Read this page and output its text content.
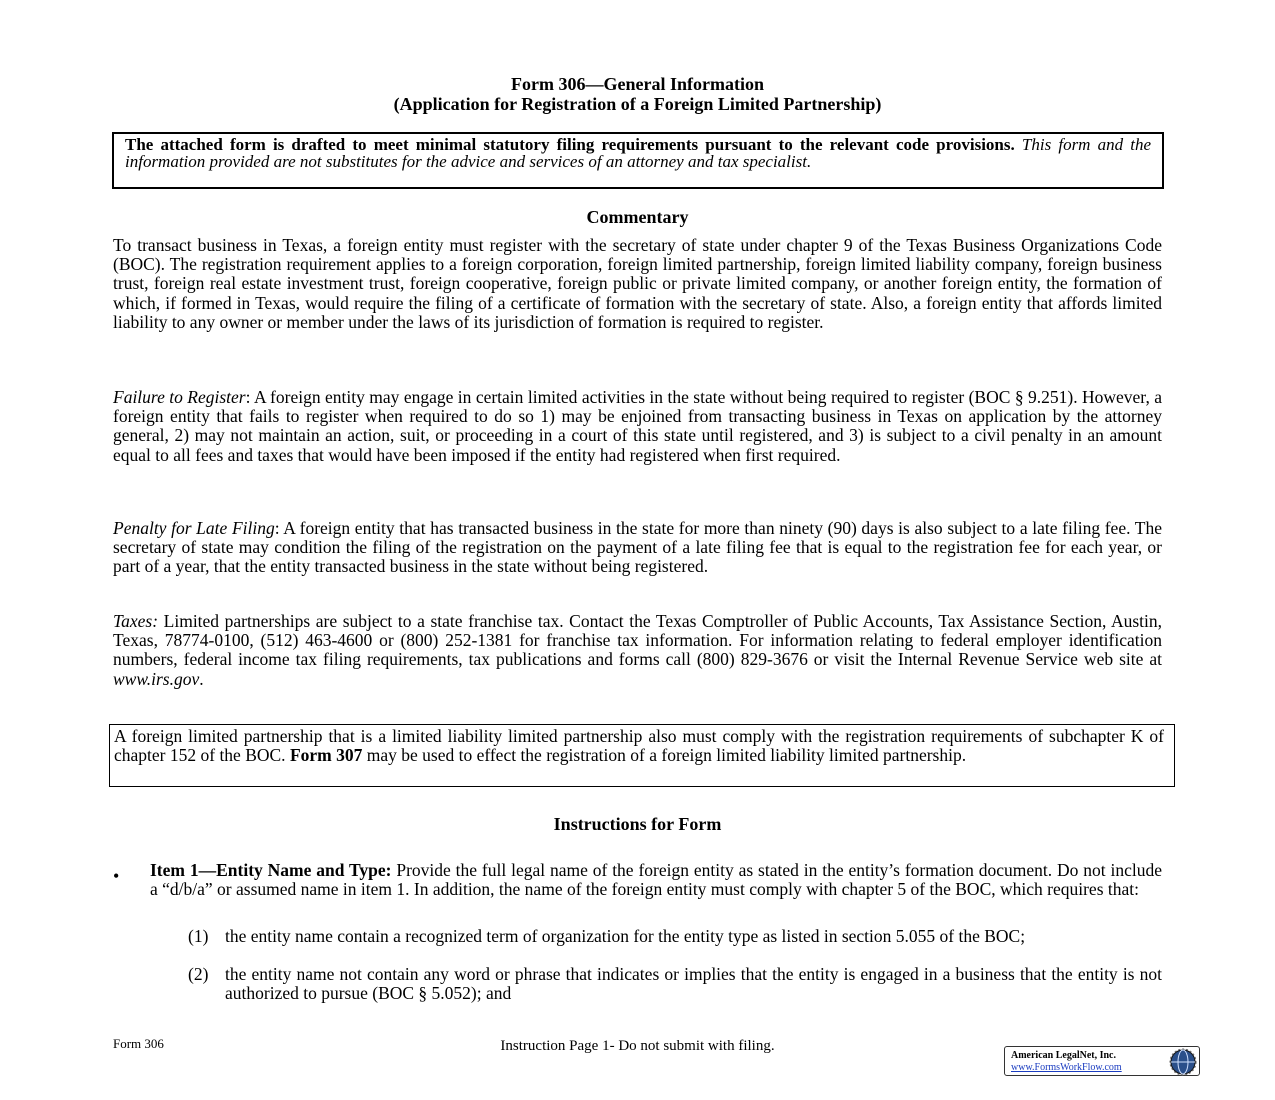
Form 306—General Information
(Application for Registration of a Foreign Limited Partnership)
The attached form is drafted to meet minimal statutory filing requirements pursuant to the relevant code provisions. This form and the information provided are not substitutes for the advice and services of an attorney and tax specialist.
Commentary
To transact business in Texas, a foreign entity must register with the secretary of state under chapter 9 of the Texas Business Organizations Code (BOC). The registration requirement applies to a foreign corporation, foreign limited partnership, foreign limited liability company, foreign business trust, foreign real estate investment trust, foreign cooperative, foreign public or private limited company, or another foreign entity, the formation of which, if formed in Texas, would require the filing of a certificate of formation with the secretary of state. Also, a foreign entity that affords limited liability to any owner or member under the laws of its jurisdiction of formation is required to register.
Failure to Register: A foreign entity may engage in certain limited activities in the state without being required to register (BOC § 9.251). However, a foreign entity that fails to register when required to do so 1) may be enjoined from transacting business in Texas on application by the attorney general, 2) may not maintain an action, suit, or proceeding in a court of this state until registered, and 3) is subject to a civil penalty in an amount equal to all fees and taxes that would have been imposed if the entity had registered when first required.
Penalty for Late Filing: A foreign entity that has transacted business in the state for more than ninety (90) days is also subject to a late filing fee. The secretary of state may condition the filing of the registration on the payment of a late filing fee that is equal to the registration fee for each year, or part of a year, that the entity transacted business in the state without being registered.
Taxes: Limited partnerships are subject to a state franchise tax. Contact the Texas Comptroller of Public Accounts, Tax Assistance Section, Austin, Texas, 78774-0100, (512) 463-4600 or (800) 252-1381 for franchise tax information. For information relating to federal employer identification numbers, federal income tax filing requirements, tax publications and forms call (800) 829-3676 or visit the Internal Revenue Service web site at www.irs.gov.
A foreign limited partnership that is a limited liability limited partnership also must comply with the registration requirements of subchapter K of chapter 152 of the BOC. Form 307 may be used to effect the registration of a foreign limited liability limited partnership.
Instructions for Form
• Item 1—Entity Name and Type: Provide the full legal name of the foreign entity as stated in the entity’s formation document. Do not include a “d/b/a” or assumed name in item 1. In addition, the name of the foreign entity must comply with chapter 5 of the BOC, which requires that:
(1) the entity name contain a recognized term of organization for the entity type as listed in section 5.055 of the BOC;
(2) the entity name not contain any word or phrase that indicates or implies that the entity is engaged in a business that the entity is not authorized to pursue (BOC § 5.052); and
Form 306	Instruction Page 1- Do not submit with filing.
American LegalNet, Inc.
www.FormsWorkFlow.com
